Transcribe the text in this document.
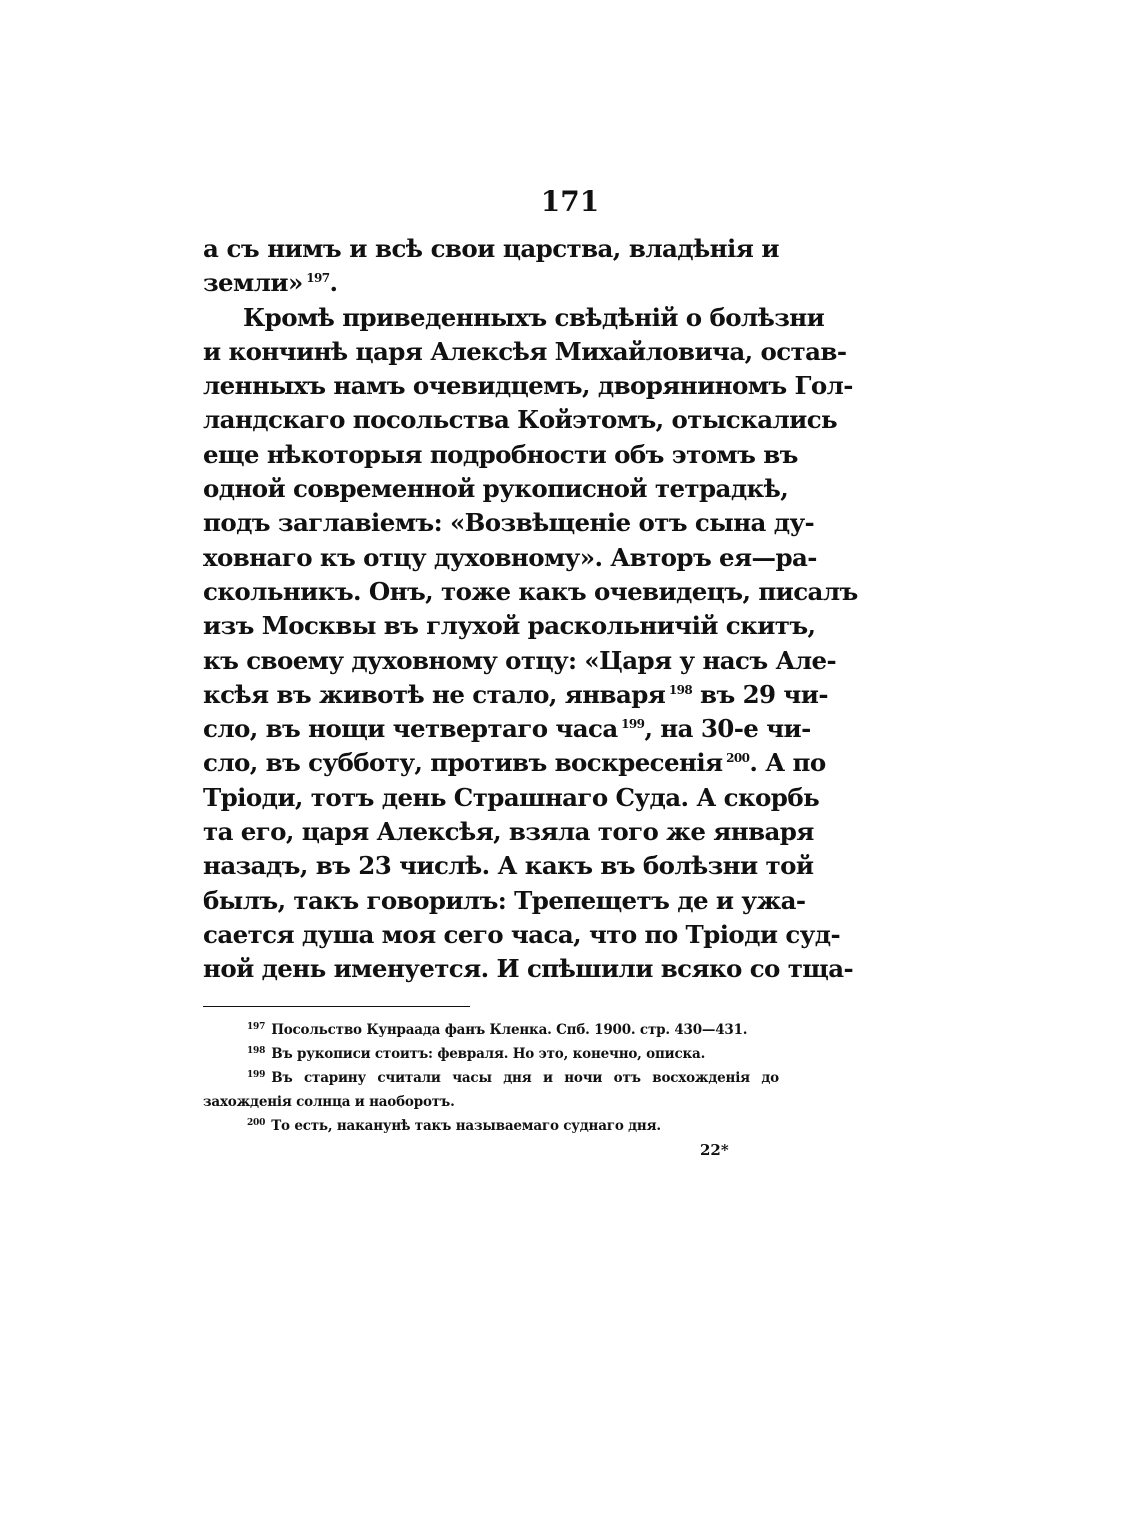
171
а съ нимъ и всѣ свои царства, владѣнія и
земли» $^{197}$.
Кромѣ приведенныхъ свѣдѣній о болѣзни
и кончинѣ царя Алексѣя Михайловича, остав-
ленныхъ намъ очевидцемъ, дворяниномъ Гол-
ландскаго посольства Койэтомъ, отыскались
еще нѣкоторыя подробности объ этомъ въ
одной современной рукописной тетрадкѣ,
подъ заглавіемъ: «Возвѣщеніе отъ сына ду-
ховнаго къ отцу духовному». Авторъ ея—ра-
скольникъ. Онъ, тоже какъ очевидецъ, писалъ
изъ Москвы въ глухой раскольничій скитъ,
къ своему духовному отцу: «Царя у насъ Але-
ксѣя въ животѣ не стало, января $^{198}$ въ 29 чи-
сло, въ нощи четвертаго часа $^{199}$, на 30-е чи-
сло, въ субботу, противъ воскресенія $^{200}$. А по
Тріоди, тотъ день Страшнаго Суда. А скорбь
та его, царя Алексѣя, взяла того же января
назадъ, въ 23 числѣ. А какъ въ болѣзни той
былъ, такъ говорилъ: Трепещетъ де и ужа-
сается душа моя сего часа, что по Тріоди суд-
ной день именуется. И спѣшили всяко со тща-
$^{197}$ Посольство Кунраада фанъ Кленка. Спб. 1900. стр. 430—431.
$^{198}$ Въ рукописи стоитъ: февраля. Но это, конечно, описка.
$^{199}$ Въ старину считали часы дня и ночи отъ восхожденія до
захожденія солнца и наоборотъ.
$^{200}$ То есть, наканунѣ такъ называемаго суднаго дня.
22*
